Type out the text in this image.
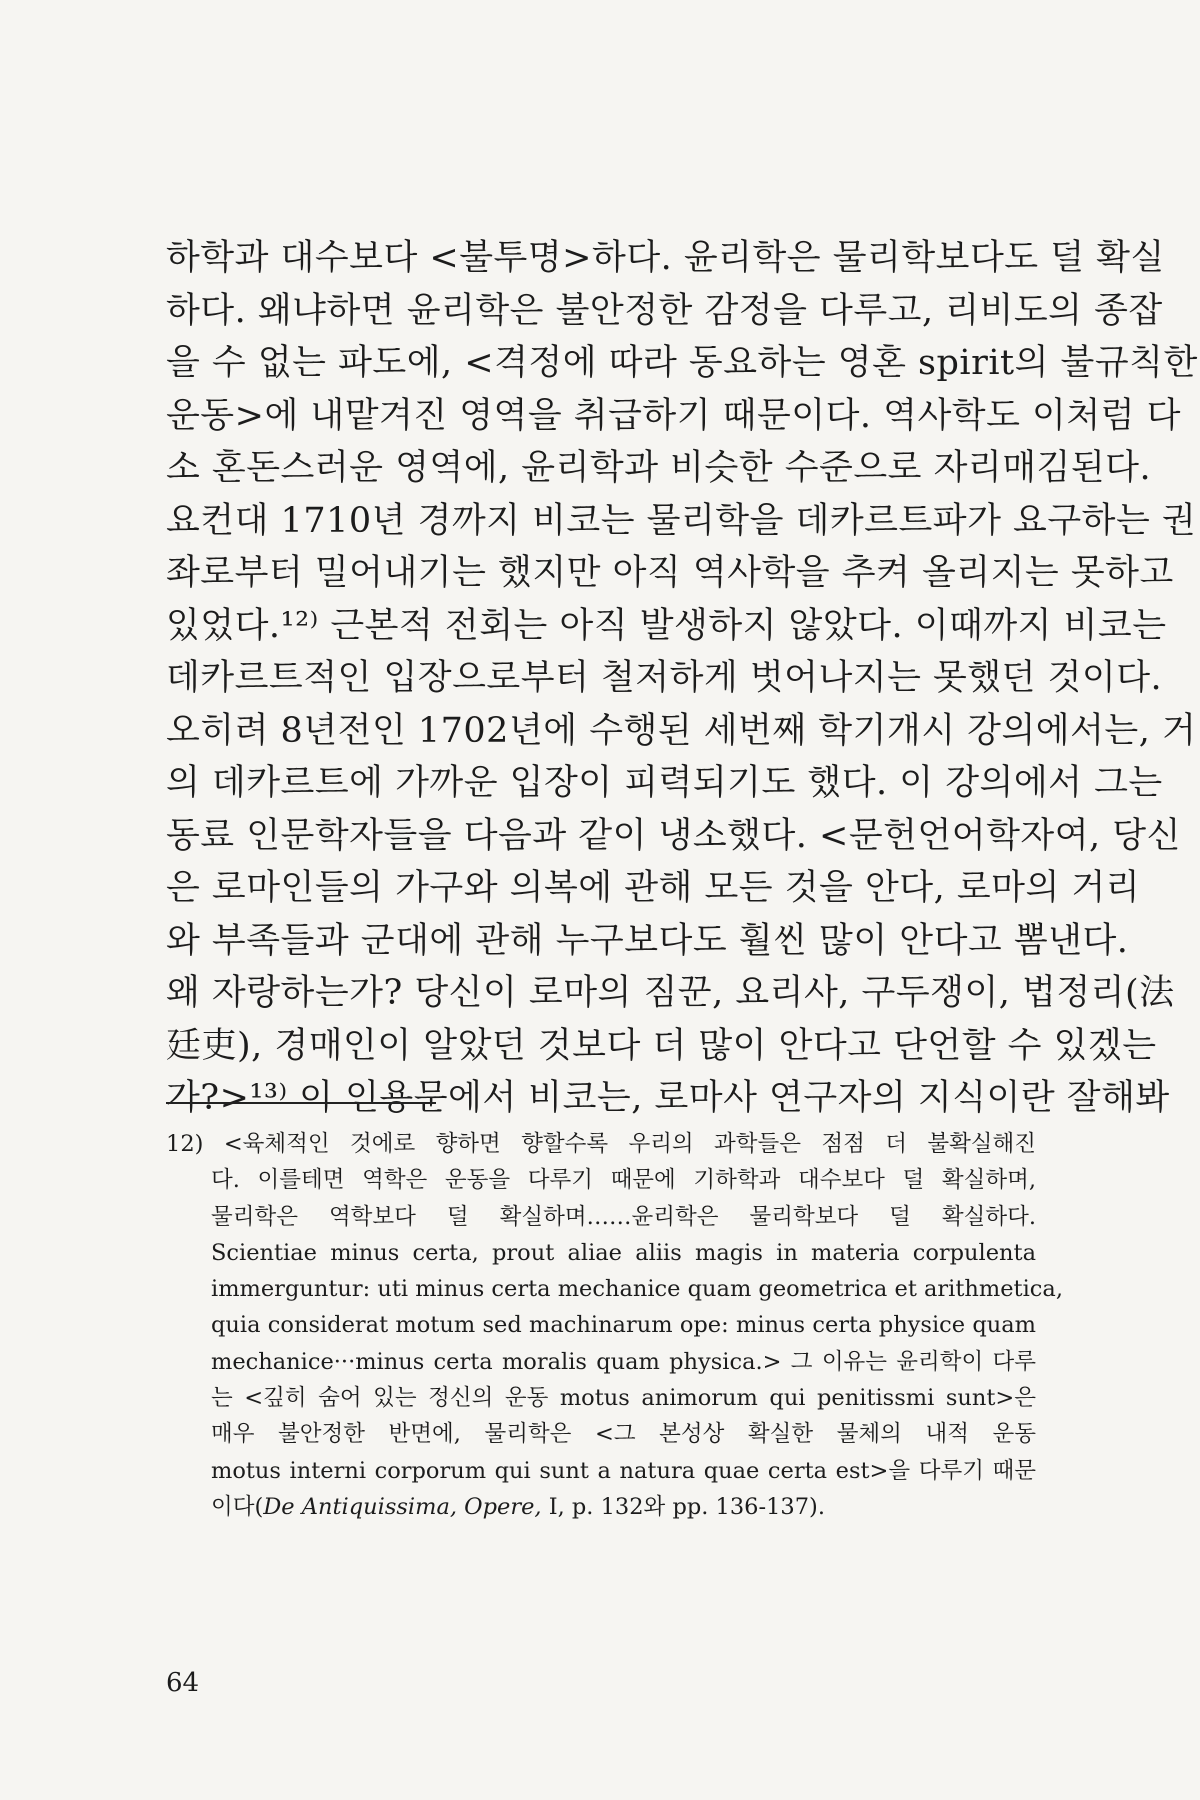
하학과 대수보다 <불투명>하다. 윤리학은 물리학보다도 덜 확실
하다. 왜냐하면 윤리학은 불안정한 감정을 다루고, 리비도의 종잡
을 수 없는 파도에, <격정에 따라 동요하는 영혼 spirit의 불규칙한
운동>에 내맡겨진 영역을 취급하기 때문이다. 역사학도 이처럼 다
소 혼돈스러운 영역에, 윤리학과 비슷한 수준으로 자리매김된다.
요컨대 1710년 경까지 비코는 물리학을 데카르트파가 요구하는 권
좌로부터 밀어내기는 했지만 아직 역사학을 추켜 올리지는 못하고
있었다.¹²⁾ 근본적 전회는 아직 발생하지 않았다. 이때까지 비코는
데카르트적인 입장으로부터 철저하게 벗어나지는 못했던 것이다.
오히려 8년전인 1702년에 수행된 세번째 학기개시 강의에서는, 거
의 데카르트에 가까운 입장이 피력되기도 했다. 이 강의에서 그는
동료 인문학자들을 다음과 같이 냉소했다. <문헌언어학자여, 당신
은 로마인들의 가구와 의복에 관해 모든 것을 안다, 로마의 거리
와 부족들과 군대에 관해 누구보다도 훨씬 많이 안다고 뽐낸다.
왜 자랑하는가? 당신이 로마의 짐꾼, 요리사, 구두쟁이, 법정리(法
廷吏), 경매인이 알았던 것보다 더 많이 안다고 단언할 수 있겠는
가?>¹³⁾ 이 인용문에서 비코는, 로마사 연구자의 지식이란 잘해봐
12) <육체적인 것에로 향하면 향할수록 우리의 과학들은 점점 더 불확실해진
다. 이를테면 역학은 운동을 다루기 때문에 기하학과 대수보다 덜 확실하며,
물리학은 역학보다 덜 확실하며……윤리학은 물리학보다 덜 확실하다.
Scientiae minus certa, prout aliae aliis magis in materia corpulenta
immerguntur: uti minus certa mechanice quam geometrica et arithmetica,
quia considerat motum sed machinarum ope: minus certa physice quam
mechanice···minus certa moralis quam physica.> 그 이유는 윤리학이 다루
는 <깊히 숨어 있는 정신의 운동 motus animorum qui penitissmi sunt>은
매우 불안정한 반면에, 물리학은 <그 본성상 확실한 물체의 내적 운동
motus interni corporum qui sunt a natura quae certa est>을 다루기 때문
이다(De Antiquissima, Opere, I, p. 132와 pp. 136-137).
64
